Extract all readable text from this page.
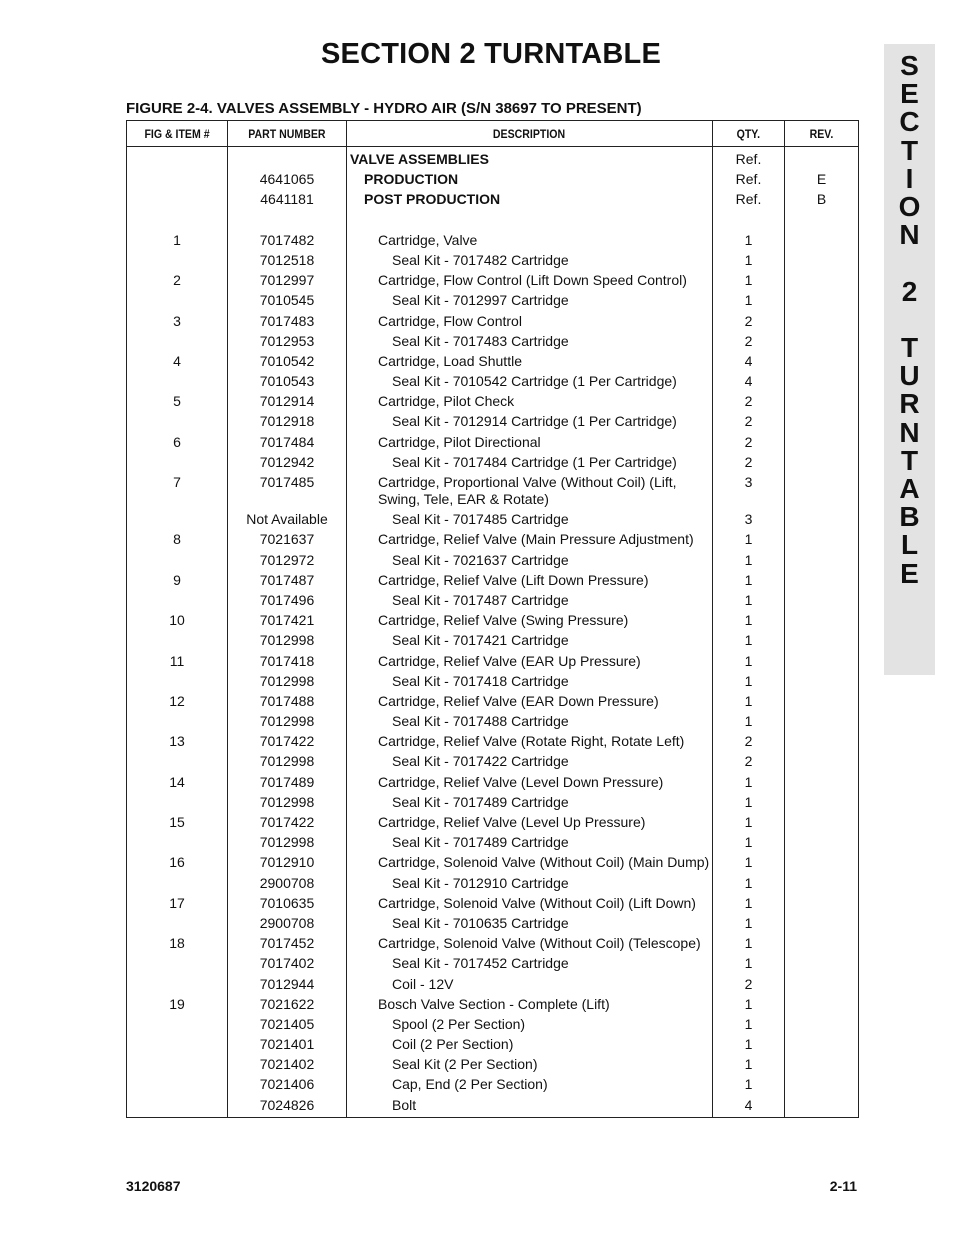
SECTION 2 TURNTABLE
FIGURE 2-4. VALVES ASSEMBLY - HYDRO AIR (S/N 38697 TO PRESENT)
FIG & ITEM #	PART NUMBER	DESCRIPTION	QTY.	REV.
		VALVE ASSEMBLIES	Ref.	
	4641065	PRODUCTION	Ref.	E
	4641181	POST PRODUCTION	Ref.	B

1	7017482	Cartridge, Valve	1	
	7012518	Seal Kit - 7017482 Cartridge	1	
2	7012997	Cartridge, Flow Control (Lift Down Speed Control)	1	
	7010545	Seal Kit - 7012997 Cartridge	1	
3	7017483	Cartridge, Flow Control	2	
	7012953	Seal Kit - 7017483 Cartridge	2	
4	7010542	Cartridge, Load Shuttle	4	
	7010543	Seal Kit - 7010542 Cartridge (1 Per Cartridge)	4	
5	7012914	Cartridge, Pilot Check	2	
	7012918	Seal Kit - 7012914 Cartridge (1 Per Cartridge)	2	
6	7017484	Cartridge, Pilot Directional	2	
	7012942	Seal Kit - 7017484 Cartridge (1 Per Cartridge)	2	
7	7017485	Cartridge, Proportional Valve (Without Coil) (Lift, Swing, Tele, EAR & Rotate)	3	
	Not Available	Seal Kit - 7017485 Cartridge	3	
8	7021637	Cartridge, Relief Valve (Main Pressure Adjustment)	1	
	7012972	Seal Kit - 7021637 Cartridge	1	
9	7017487	Cartridge, Relief Valve (Lift Down Pressure)	1	
	7017496	Seal Kit - 7017487 Cartridge	1	
10	7017421	Cartridge, Relief Valve (Swing Pressure)	1	
	7012998	Seal Kit - 7017421 Cartridge	1	
11	7017418	Cartridge, Relief Valve (EAR Up Pressure)	1	
	7012998	Seal Kit - 7017418 Cartridge	1	
12	7017488	Cartridge, Relief Valve (EAR Down Pressure)	1	
	7012998	Seal Kit - 7017488 Cartridge	1	
13	7017422	Cartridge, Relief Valve (Rotate Right, Rotate Left)	2	
	7012998	Seal Kit - 7017422 Cartridge	2	
14	7017489	Cartridge, Relief Valve (Level Down Pressure)	1	
	7012998	Seal Kit - 7017489 Cartridge	1	
15	7017422	Cartridge, Relief Valve (Level Up Pressure)	1	
	7012998	Seal Kit - 7017489 Cartridge	1	
16	7012910	Cartridge, Solenoid Valve (Without Coil) (Main Dump)	1	
	2900708	Seal Kit - 7012910 Cartridge	1	
17	7010635	Cartridge, Solenoid Valve (Without Coil) (Lift Down)	1	
	2900708	Seal Kit - 7010635 Cartridge	1	
18	7017452	Cartridge, Solenoid Valve (Without Coil) (Telescope)	1	
	7017402	Seal Kit - 7017452 Cartridge	1	
	7012944	Coil - 12V	2	
19	7021622	Bosch Valve Section - Complete (Lift)	1	
	7021405	Spool (2 Per Section)	1	
	7021401	Coil (2 Per Section)	1	
	7021402	Seal Kit (2 Per Section)	1	
	7021406	Cap, End (2 Per Section)	1	
	7024826	Bolt	4	
3120687	2-11
S
E
C
T
I
O
N

2

T
U
R
N
T
A
B
L
E
